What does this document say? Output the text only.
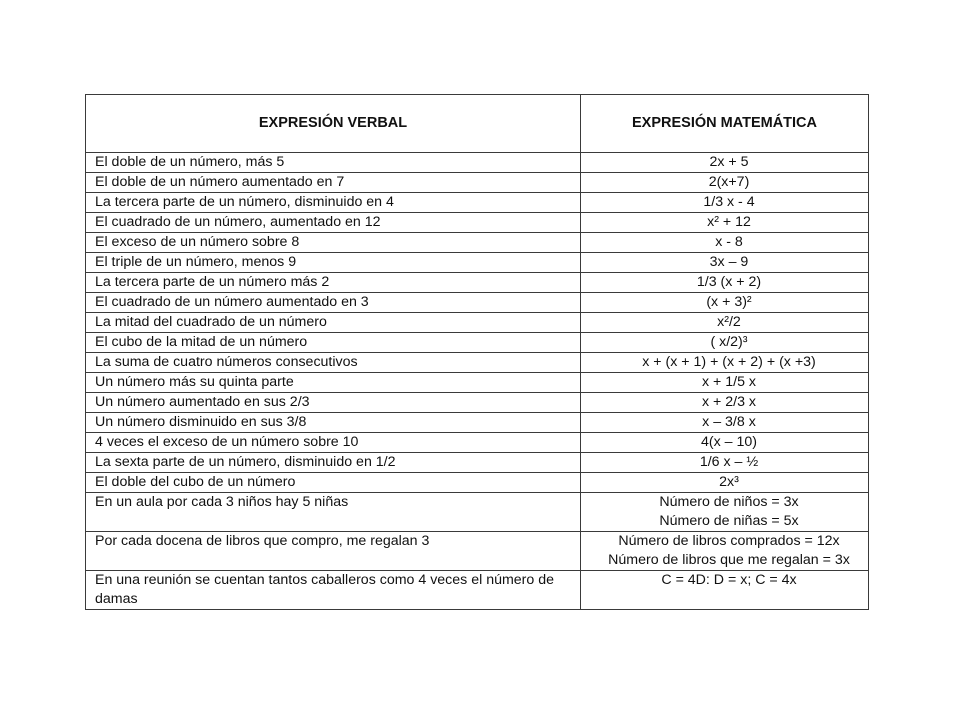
EXPRESIÓN VERBAL	EXPRESIÓN MATEMÁTICA
El doble de un número, más 5	2x + 5

El doble de un número aumentado en 7	2(x+7)

La tercera parte de un número, disminuido en 4	1/3 x - 4

El cuadrado de un número, aumentado en 12	x² + 12

El exceso de un número sobre 8	x - 8

El triple de un número, menos 9	3x – 9

La tercera parte de un número más 2	1/3 (x + 2)

El cuadrado de un número aumentado en 3	(x + 3)²

La mitad del cuadrado de un número	x²/2

El cubo de la mitad de un número	( x/2)³

La suma de cuatro números consecutivos	x + (x + 1) + (x + 2) + (x +3)

Un número más su quinta parte	x + 1/5 x

Un número aumentado en sus 2/3	x + 2/3 x

Un número disminuido en sus 3/8	x – 3/8 x

4 veces el exceso de un número sobre 10	4(x – 10)

La sexta parte de un número, disminuido en 1/2	1/6 x – ½

El doble del cubo de un número	2x³

En un aula por cada 3 niños hay 5 niñas	Número de niños = 3x
Número de niñas = 5x

Por cada docena de libros que compro, me regalan 3	Número de libros comprados = 12x
Número de libros que me regalan = 3x

En una reunión se cuentan tantos caballeros como 4 veces el número de damas	C = 4D: D = x; C = 4x
